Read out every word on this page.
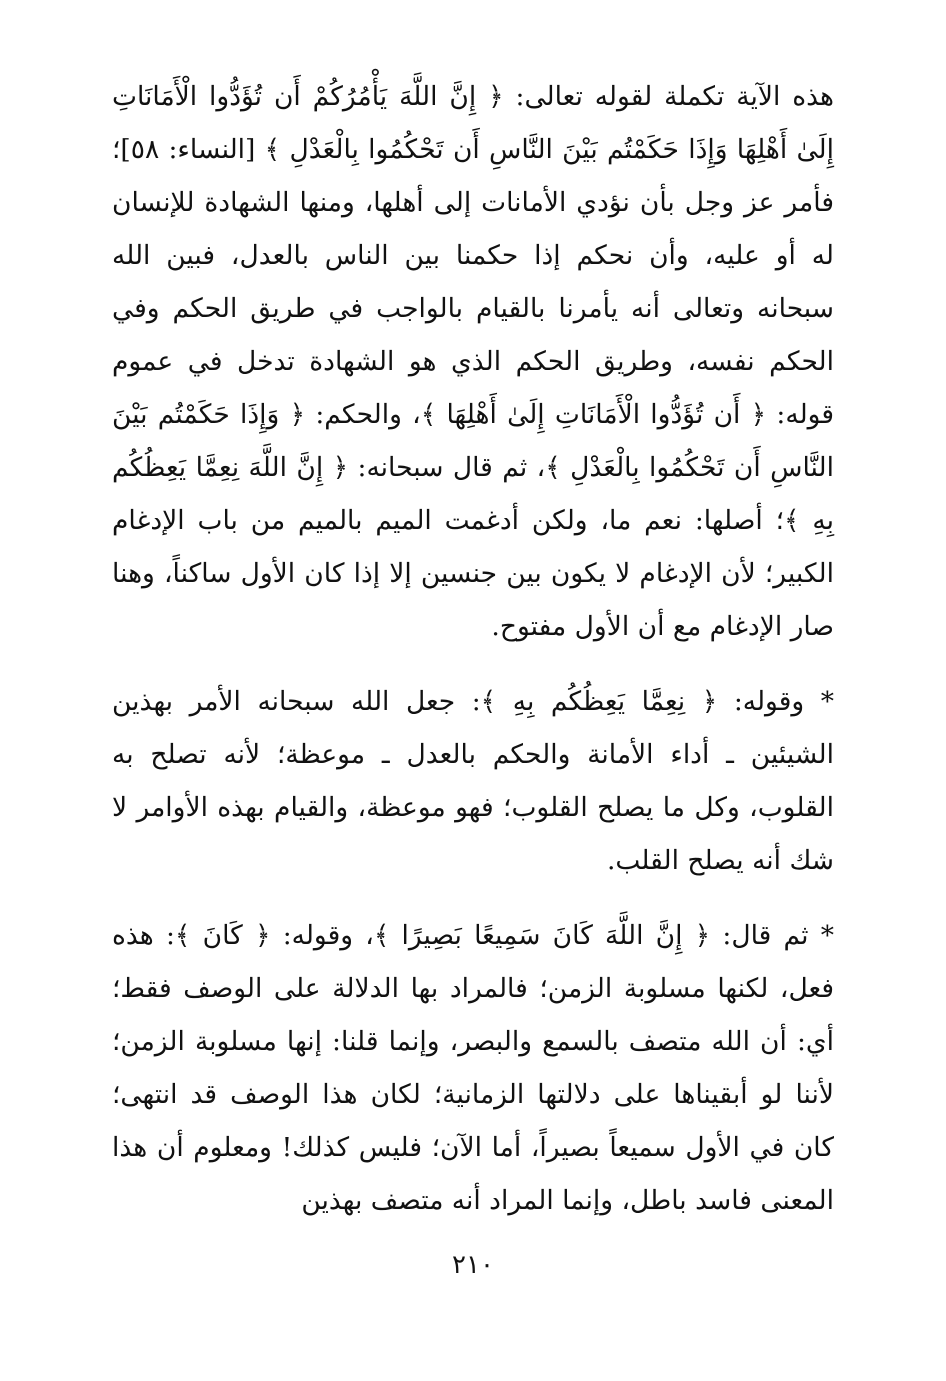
هذه الآية تكملة لقوله تعالى: ﴿ إِنَّ اللَّهَ يَأْمُرُكُمْ أَن تُؤَدُّوا الْأَمَانَاتِ إِلَىٰ أَهْلِهَا وَإِذَا حَكَمْتُم بَيْنَ النَّاسِ أَن تَحْكُمُوا بِالْعَدْلِ ﴾ [النساء: ٥٨]؛ فأمر عز وجل بأن نؤدي الأمانات إلى أهلها، ومنها الشهادة للإنسان له أو عليه، وأن نحكم إذا حكمنا بين الناس بالعدل، فبين الله سبحانه وتعالى أنه يأمرنا بالقيام بالواجب في طريق الحكم وفي الحكم نفسه، وطريق الحكم الذي هو الشهادة تدخل في عموم قوله: ﴿ أَن تُؤَدُّوا الْأَمَانَاتِ إِلَىٰ أَهْلِهَا ﴾، والحكم: ﴿ وَإِذَا حَكَمْتُم بَيْنَ النَّاسِ أَن تَحْكُمُوا بِالْعَدْلِ ﴾، ثم قال سبحانه: ﴿ إِنَّ اللَّهَ نِعِمَّا يَعِظُكُم بِهِ ﴾؛ أصلها: نعم ما، ولكن أدغمت الميم بالميم من باب الإدغام الكبير؛ لأن الإدغام لا يكون بين جنسين إلا إذا كان الأول ساكناً، وهنا صار الإدغام مع أن الأول مفتوح.

* وقوله: ﴿ نِعِمَّا يَعِظُكُم بِهِ ﴾: جعل الله سبحانه الأمر بهذين الشيئين ـ أداء الأمانة والحكم بالعدل ـ موعظة؛ لأنه تصلح به القلوب، وكل ما يصلح القلوب؛ فهو موعظة، والقيام بهذه الأوامر لا شك أنه يصلح القلب.

* ثم قال: ﴿ إِنَّ اللَّهَ كَانَ سَمِيعًا بَصِيرًا ﴾، وقوله: ﴿ كَانَ ﴾: هذه فعل، لكنها مسلوبة الزمن؛ فالمراد بها الدلالة على الوصف فقط؛ أي: أن الله متصف بالسمع والبصر، وإنما قلنا: إنها مسلوبة الزمن؛ لأننا لو أبقيناها على دلالتها الزمانية؛ لكان هذا الوصف قد انتهى؛ كان في الأول سميعاً بصيراً، أما الآن؛ فليس كذلك! ومعلوم أن هذا المعنى فاسد باطل، وإنما المراد أنه متصف بهذين

٢١٠
